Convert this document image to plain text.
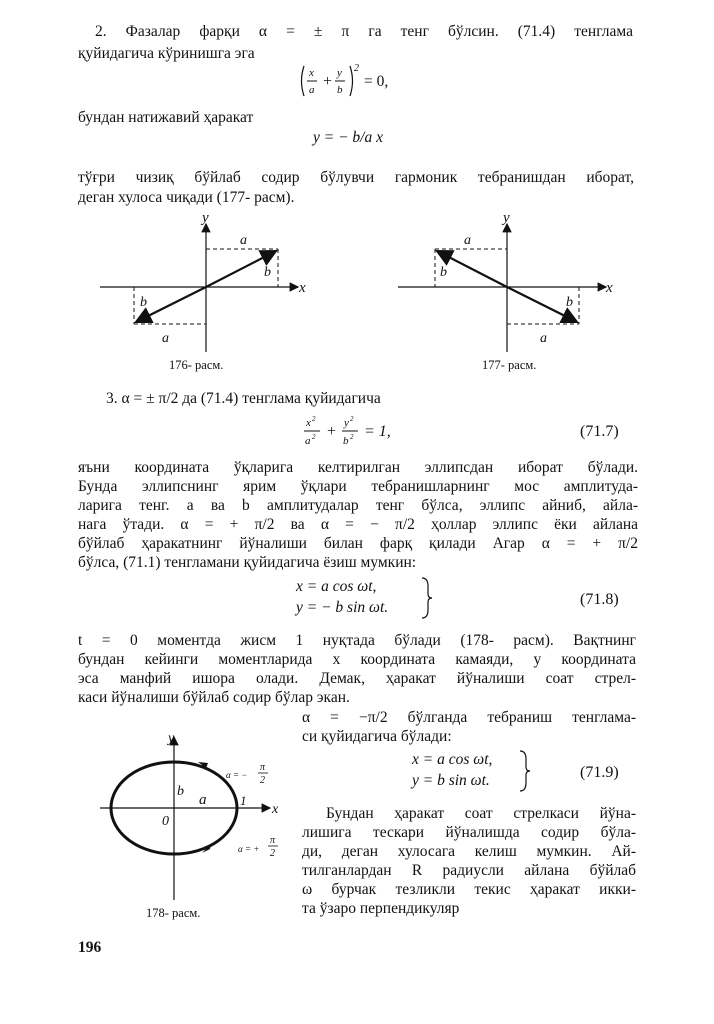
2. Фазалар фарқи α = ± π га тенг бўлсин. (71.4) тенглама
қуйидагича кўринишга эга
x
a + y
b
2
= 0,
бундан натижавий ҳаракат
y = − b/a x
тўғри чизиқ бўйлаб содир бўлувчи гармоник тебранишдан иборат,
деган хулоса чиқади (177- расм).
y
x
a
b
b
a
176- расм.
y
x
a
b
b
a
177- расм.
3. α = ± π/2 да (71.4) тенглама қуйидагича
x 2
a 2 + y 2
b 2 = 1,	(71.7)
яъни координата ўқларига келтирилган эллипсдан иборат бўлади.
Бунда эллипснинг ярим ўқлари тебранишларнинг мос амплитуда-
ларига тенг. a ва b амплитудалар тенг бўлса, эллипс айниб, айла-
нага ўтади. α = + π/2 ва α = − π/2 ҳоллар эллипс ёки айлана
бўйлаб ҳаракатнинг йўналиши билан фарқ қилади Агар α = + π/2
бўлса, (71.1) тенгламани қуйидагича ёзиш мумкин:
x = a cos ωt,
y = − b sin ωt.	(71.8)
t = 0 моментда жисм 1 нуқтада бўлади (178- расм). Вақтнинг
бундан кейинги моментларида x координата камаяди, y координата
эса манфий ишора олади. Демак, ҳаракат йўналиши соат стрел-
каси йўналиши бўйлаб содир бўлар экан.
α = −π/2 бўлганда тебраниш тенглама-
си қуйидагича бўлади:
x = a cos ωt,
y = b sin ωt.	(71.9)
Бундан ҳаракат соат стрелкаси йўна-
лишига тескари йўналишда содир бўла-
ди, деган хулосага келиш мумкин. Ай-
тилганлардан R радиусли айлана бўйлаб
ω бурчак тезликли текис ҳаракат икки-
та ўзаро перпендикуляр
y
x
b
a
0
1
α = −
π
2
α = +
π
2
178- расм.
196
